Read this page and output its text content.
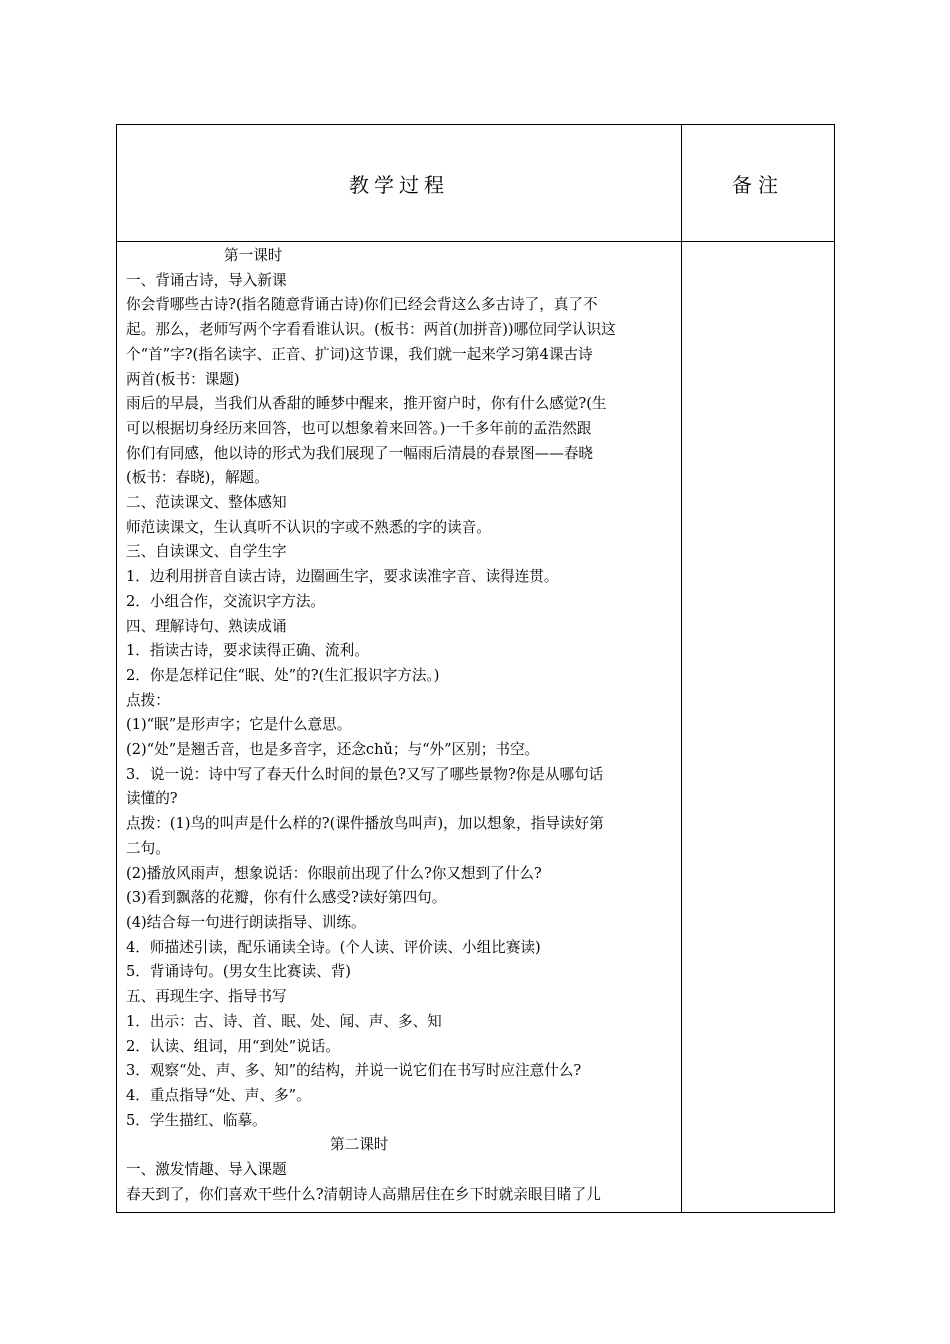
教学过程	备注
第一课时
一、背诵古诗，导入新课
你会背哪些古诗?(指名随意背诵古诗)你们已经会背这么多古诗了，真了不
起。那么，老师写两个字看看谁认识。(板书：两首(加拼音))哪位同学认识这
个“首”字?(指名读字、正音、扩词)这节课，我们就一起来学习第4课古诗
两首(板书：课题)
雨后的早晨，当我们从香甜的睡梦中醒来，推开窗户时，你有什么感觉?(生
可以根据切身经历来回答，也可以想象着来回答。)一千多年前的孟浩然跟
你们有同感，他以诗的形式为我们展现了一幅雨后清晨的春景图——春晓
(板书：春晓)，解题。
二、范读课文、整体感知
师范读课文，生认真听不认识的字或不熟悉的字的读音。
三、自读课文、自学生字
1．边利用拼音自读古诗，边圈画生字，要求读准字音、读得连贯。
2．小组合作，交流识字方法。
四、理解诗句、熟读成诵
1．指读古诗，要求读得正确、流利。
2．你是怎样记住“眠、处”的?(生汇报识字方法。)
点拨：
(1)“眠”是形声字；它是什么意思。
(2)“处”是翘舌音，也是多音字，还念chǔ；与“外”区别；书空。
3．说一说：诗中写了春天什么时间的景色?又写了哪些景物?你是从哪句话
读懂的?
点拨：(1)鸟的叫声是什么样的?(课件播放鸟叫声)，加以想象，指导读好第
二句。
(2)播放风雨声，想象说话：你眼前出现了什么?你又想到了什么?
(3)看到飘落的花瓣，你有什么感受?读好第四句。
(4)结合每一句进行朗读指导、训练。
4．师描述引读，配乐诵读全诗。(个人读、评价读、小组比赛读)
5．背诵诗句。(男女生比赛读、背)
五、再现生字、指导书写
1．出示：古、诗、首、眠、处、闻、声、多、知
2．认读、组词，用“到处”说话。
3．观察“处、声、多、知”的结构，并说一说它们在书写时应注意什么?
4．重点指导“处、声、多”。
5．学生描红、临摹。
第二课时
一、激发情趣、导入课题
春天到了，你们喜欢干些什么?清朝诗人高鼎居住在乡下时就亲眼目睹了儿
